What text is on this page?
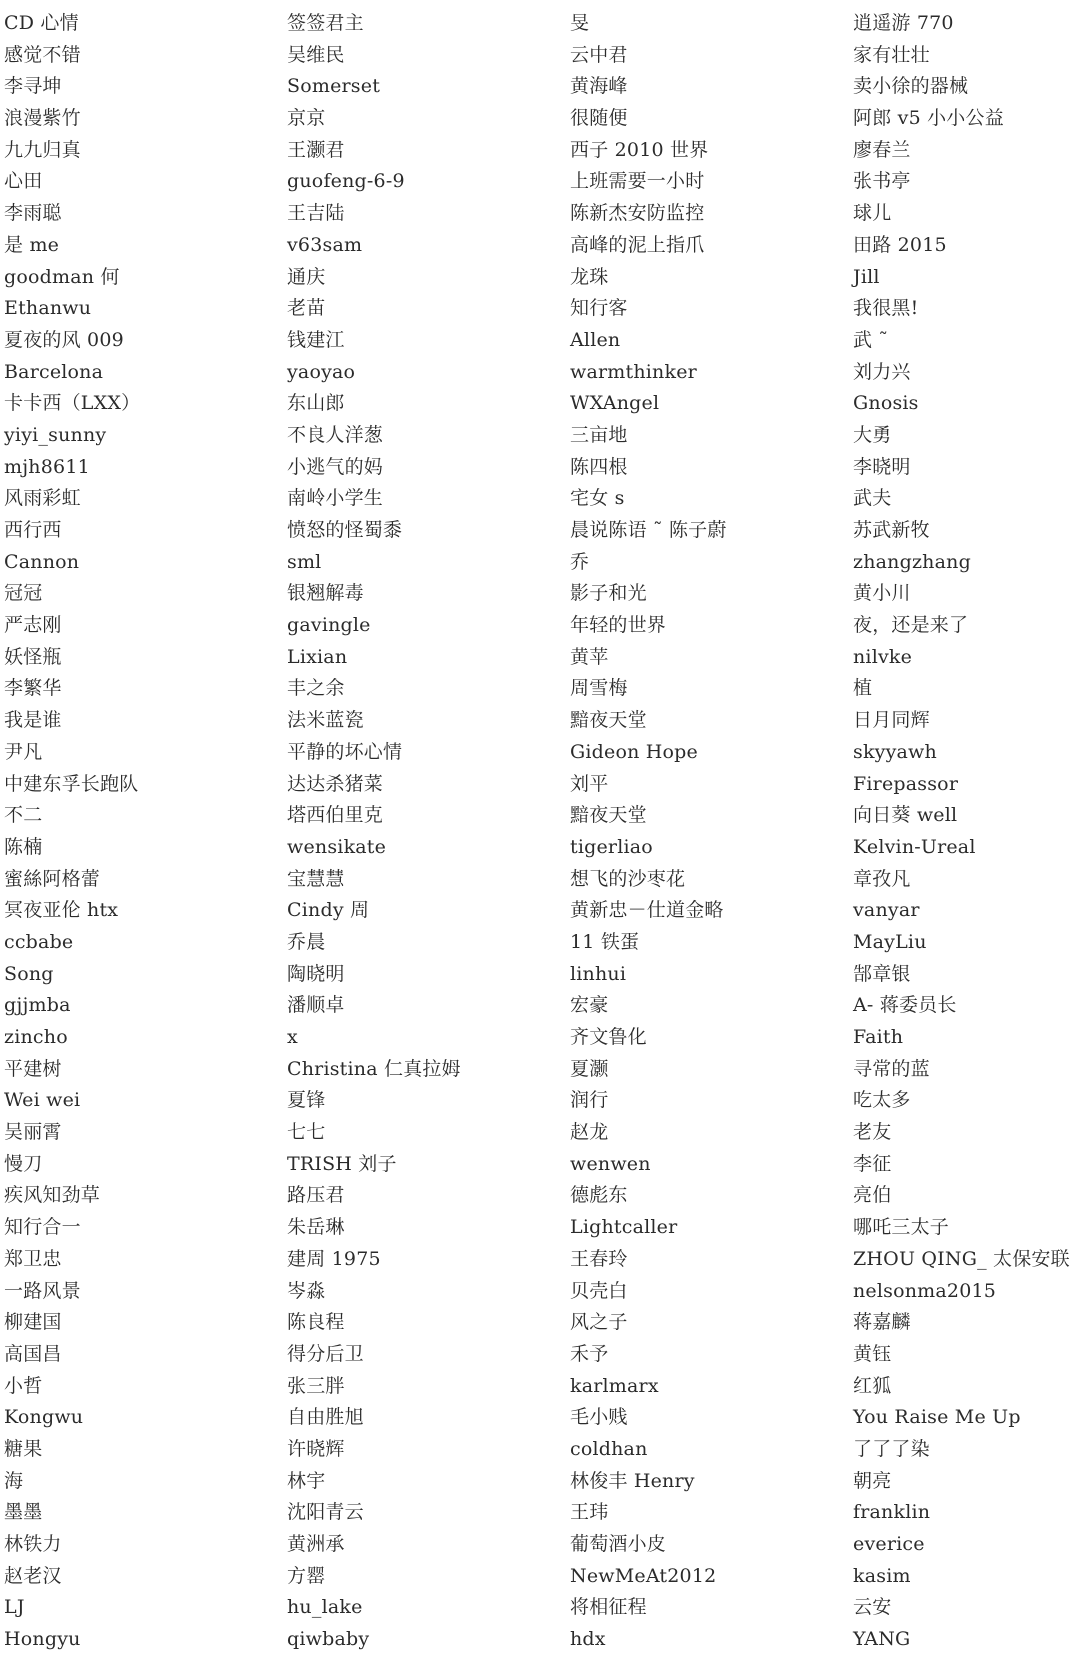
CD 心情	签签君主	旻	逍遥游 770
感觉不错	吴维民	云中君	家有壮壮
李寻坤	Somerset	黄海峰	卖小徐的器械
浪漫紫竹	京京	很随便	阿郎 v5 小小公益
九九归真	王灏君	西子 2010 世界	廖春兰
心田	guofeng-6-9	上班需要一小时	张书亭
李雨聪	王吉陆	陈新杰安防监控	球儿
是 me	v63sam	高峰的泥上指爪	田路 2015
goodman 何	通庆	龙珠	Jill
Ethanwu	老苗	知行客	我很黑!
夏夜的风 009	钱建江	Allen	武 ˜
Barcelona	yaoyao	warmthinker	刘力兴
卡卡西（LXX）	东山郎	WXAngel	Gnosis
yiyi_sunny	不良人洋葱	三亩地	大勇
mjh8611	小逃气的妈	陈四根	李晓明
风雨彩虹	南岭小学生	宅女 s	武夫
西行西	愤怒的怪蜀黍	晨说陈语 ˜ 陈子蔚	苏武新牧
Cannon	sml	乔	zhangzhang
冠冠	银翘解毒	影子和光	黄小川
严志刚	gavingle	年轻的世界	夜，还是来了
妖怪瓶	Lixian	黄苹	nilvke
李繁华	丰之余	周雪梅	植
我是谁	法米蓝瓷	黯夜天堂	日月同辉
尹凡	平静的坏心情	Gideon Hope	skyyawh
中建东孚长跑队	达达杀猪菜	刘平	Firepassor
不二	塔西伯里克	黯夜天堂	向日葵 well
陈楠	wensikate	tigerliao	Kelvin-Ureal
蜜絲阿格蕾	宝慧慧	想飞的沙枣花	章孜凡
冥夜亚伦 htx	Cindy 周	黄新忠－仕道金略	vanyar
ccbabe	乔晨	11 铁蛋	MayLiu
Song	陶晓明	linhui	郜章银
gjjmba	潘顺卓	宏豪	A- 蒋委员长
zincho	x	齐文鲁化	Faith
平建树	Christina 仁真拉姆	夏灏	寻常的蓝
Wei wei	夏锋	润行	吃太多
吴丽霄	七七	赵龙	老友
慢刀	TRISH 刘子	wenwen	李征
疾风知劲草	路压君	德彪东	亮伯
知行合一	朱岳琳	Lightcaller	哪吒三太子
郑卫忠	建周 1975	王春玲	ZHOU QING_ 太保安联
一路风景	岑淼	贝壳白	nelsonma2015
柳建国	陈良程	风之子	蒋嘉麟
高国昌	得分后卫	禾予	黄钰
小哲	张三胖	karlmarx	红狐
Kongwu	自由胜旭	毛小贱	You Raise Me Up
糖果	许晓辉	coldhan	了了了染
海	林宇	林俊丰 Henry	朝亮
墨墨	沈阳青云	王玮	franklin
林铁力	黄洲承	葡萄酒小皮	everice
赵老汉	方罂	NewMeAt2012	kasim
LJ	hu_lake	将相征程	云安
Hongyu	qiwbaby	hdx	YANG
